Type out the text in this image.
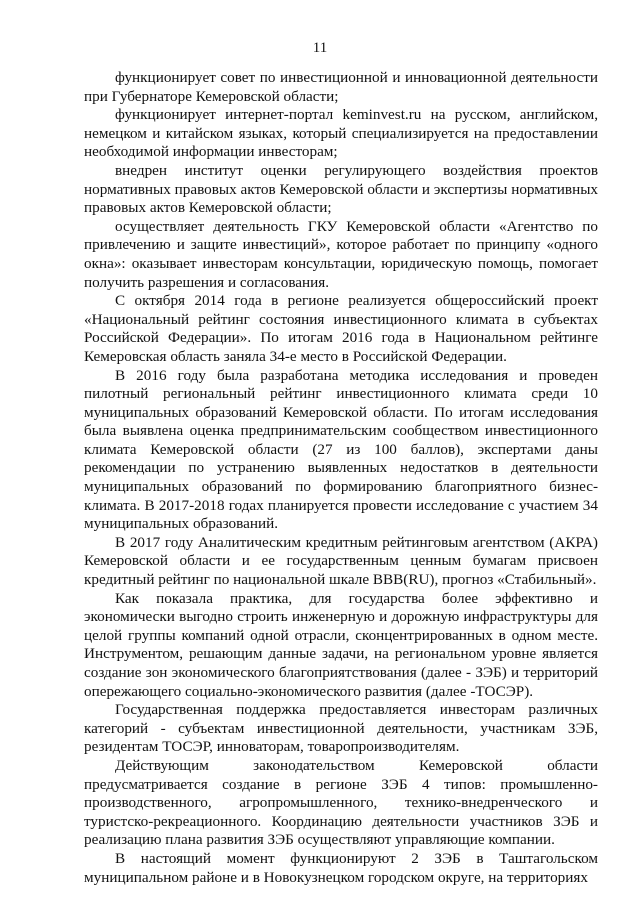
11

функционирует совет по инвестиционной и инновационной деятельности при Губернаторе Кемеровской области;

функционирует интернет-портал keminvest.ru на русском, английском, немецком и китайском языках, который специализируется на предоставлении необходимой информации инвесторам;

внедрен институт оценки регулирующего воздействия проектов нормативных правовых актов Кемеровской области и экспертизы нормативных правовых актов Кемеровской области;

осуществляет деятельность ГКУ Кемеровской области «Агентство по привлечению и защите инвестиций», которое работает по принципу «одного окна»: оказывает инвесторам консультации, юридическую помощь, помогает получить разрешения и согласования.

С октября 2014 года в регионе реализуется общероссийский проект «Национальный рейтинг состояния инвестиционного климата в субъектах Российской Федерации». По итогам 2016 года в Национальном рейтинге Кемеровская область заняла 34-е место в Российской Федерации.

В 2016 году была разработана методика исследования и проведен пилотный региональный рейтинг инвестиционного климата среди 10 муниципальных образований Кемеровской области. По итогам исследования была выявлена оценка предпринимательским сообществом инвестиционного климата Кемеровской области (27 из 100 баллов), экспертами даны рекомендации по устранению выявленных недостатков в деятельности муниципальных образований по формированию благоприятного бизнес-климата. В 2017-2018 годах планируется провести исследование с участием 34 муниципальных образований.

В 2017 году Аналитическим кредитным рейтинговым агентством (АКРА) Кемеровской области и ее государственным ценным бумагам присвоен кредитный рейтинг по национальной шкале BBB(RU), прогноз «Стабильный».

Как показала практика, для государства более эффективно и экономически выгодно строить инженерную и дорожную инфраструктуры для целой группы компаний одной отрасли, сконцентрированных в одном месте. Инструментом, решающим данные задачи, на региональном уровне является создание зон экономического благоприятствования (далее - ЗЭБ) и территорий опережающего социально-экономического развития (далее -ТОСЭР).

Государственная поддержка предоставляется инвесторам различных категорий - субъектам инвестиционной деятельности, участникам ЗЭБ, резидентам ТОСЭР, инноваторам, товаропроизводителям.

Действующим законодательством Кемеровской области предусматривается создание в регионе ЗЭБ 4 типов: промышленно-производственного, агропромышленного, технико-внедренческого и туристско-рекреационного. Координацию деятельности участников ЗЭБ и реализацию плана развития ЗЭБ осуществляют управляющие компании.

В настоящий момент функционируют 2 ЗЭБ в Таштагольском муниципальном районе и в Новокузнецком городском округе, на территориях
